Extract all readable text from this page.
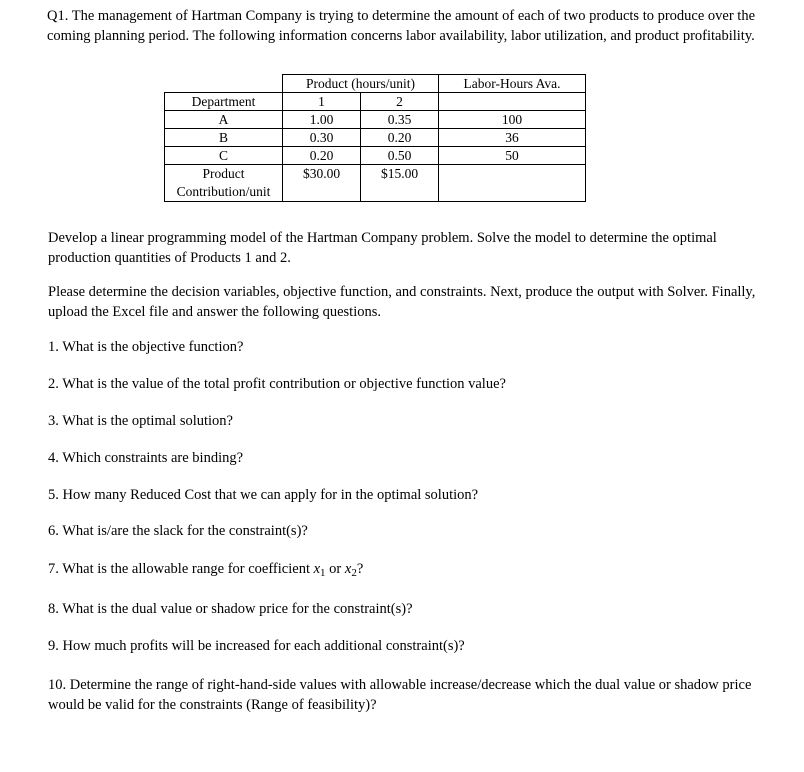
Q1. The management of Hartman Company is trying to determine the amount of each of two products to produce over the coming planning period. The following information concerns labor availability, labor utilization, and product profitability.

	Product (hours/unit)		Labor-Hours Ava.
Department	1	2	
A	1.00	0.35	100
B	0.30	0.20	36
C	0.20	0.50	50
Product
Contribution/unit	$30.00	$15.00	

Develop a linear programming model of the Hartman Company problem. Solve the model to determine the optimal production quantities of Products 1 and 2.

Please determine the decision variables, objective function, and constraints. Next, produce the output with Solver. Finally, upload the Excel file and answer the following questions.

1. What is the objective function?

2. What is the value of the total profit contribution or objective function value?

3. What is the optimal solution?

4. Which constraints are binding?

5. How many Reduced Cost that we can apply for in the optimal solution?

6. What is/are the slack for the constraint(s)?

7. What is the allowable range for coefficient $x_1$ or $x_2$?

8. What is the dual value or shadow price for the constraint(s)?

9. How much profits will be increased for each additional constraint(s)?

10. Determine the range of right-hand-side values with allowable increase/decrease which the dual value or shadow price would be valid for the constraints (Range of feasibility)?
